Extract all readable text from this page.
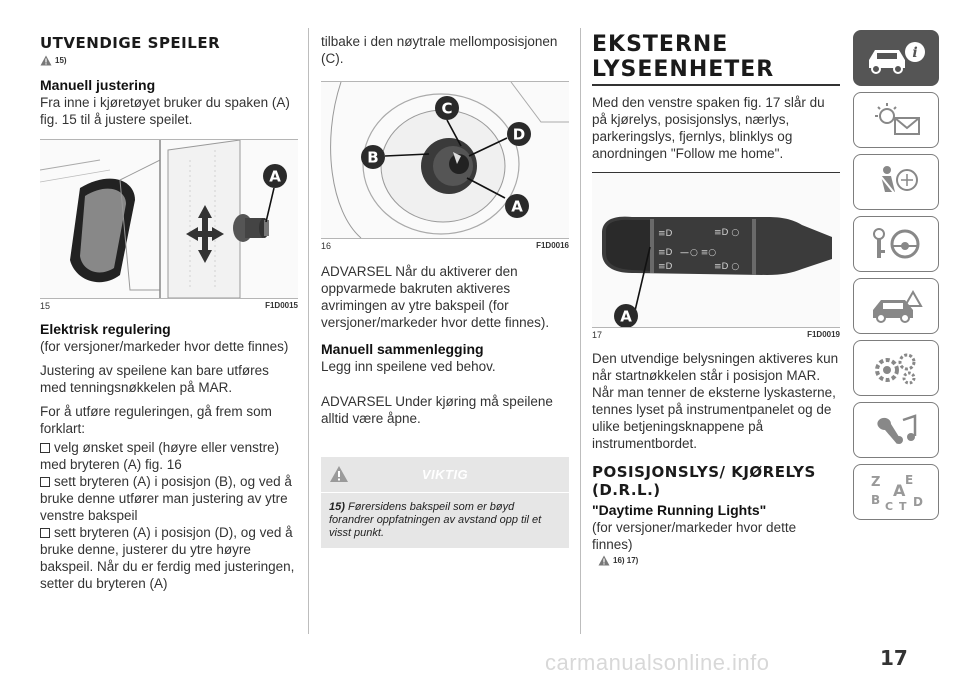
UTVENDIGE SPEILER
15)
Manuell justering
Fra inne i kjøretøyet bruker du spaken (A) fig. 15 til å justere speilet.
A
15	F1D0015
Elektrisk regulering
(for versjoner/markeder hvor dette finnes)
Justering av speilene kan bare utføres med tenningsnøkkelen på MAR.
For å utføre reguleringen, gå frem som forklart:
velg ønsket speil (høyre eller venstre) med bryteren (A) fig. 16
sett bryteren (A) i posisjon (B), og ved å bruke denne utfører man justering av ytre venstre bakspeil
sett bryteren (A) i posisjon (D), og ved å bruke denne, justerer du ytre høyre bakspeil. Når du er ferdig med justeringen, setter du bryteren (A)
tilbake i den nøytrale mellomposisjonen (C).
C
D
B
A
16	F1D0016
ADVARSEL Når du aktiverer den oppvarmede bakruten aktiveres avrimingen av ytre bakspeil (for versjoner/markeder hvor dette finnes).
Manuell sammenlegging
Legg inn speilene ved behov.
ADVARSEL Under kjøring må speilene alltid være åpne.
VIKTIG
15) Førersidens bakspeil som er bøyd forandrer oppfatningen av avstand opp til et visst punkt.
EKSTERNE LYSEENHETER
Med den venstre spaken fig. 17 slår du på kjørelys, posisjonslys, nærlys, parkeringslys, fjernlys, blinklys og anordningen "Follow me home".
≡D
≡D
≡D
— ○ ≡○
≡D ○
≡D ○
A
17	F1D0019
Den utvendige belysningen aktiveres kun når startnøkkelen står i posisjon MAR.
Når man tenner de eksterne lyskasterne, tennes lyset på instrumentpanelet og de ulike betjeningsknappene på instrumentbordet.
POSISJONSLYS/ KJØRELYS (D.R.L.)
"Daytime Running Lights"
(for versjoner/markeder hvor dette finnes)
16) 17)
i
Z E
A
B C T D
carmanualsonline.info	17
